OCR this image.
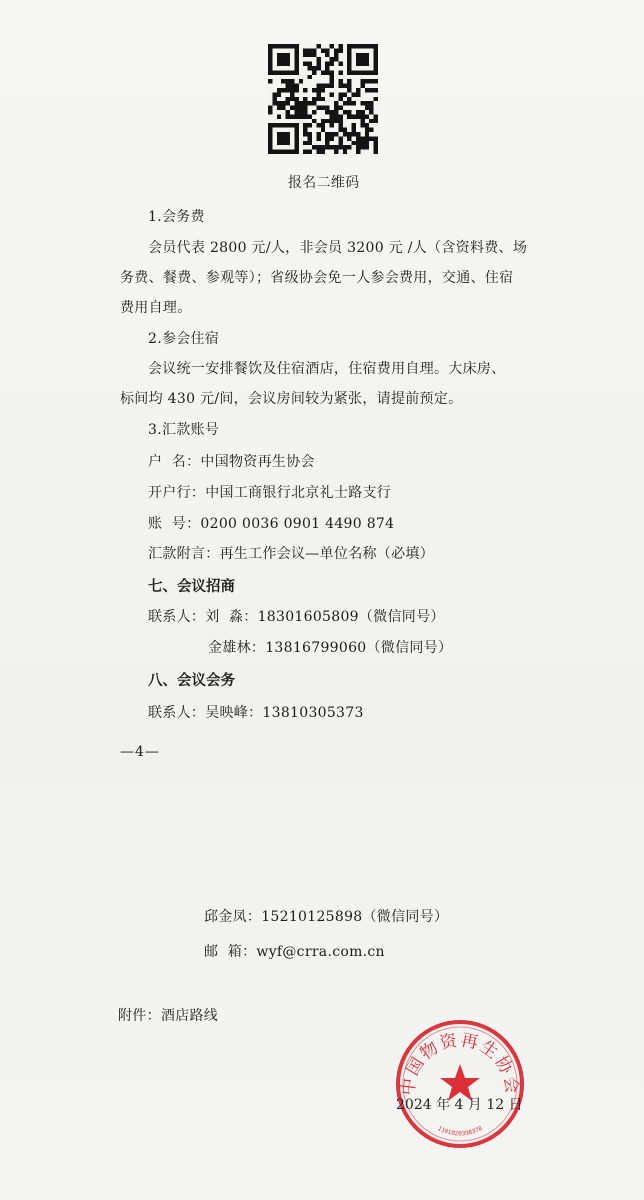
报名二维码
1.会务费
会员代表 2800 元/人，非会员 3200 元 /人（含资料费、场
务费、餐费、参观等）；省级协会免一人参会费用，交通、住宿
费用自理。
2.参会住宿
会议统一安排餐饮及住宿酒店，住宿费用自理。大床房、
标间均 430 元/间，会议房间较为紧张，请提前预定。
3.汇款账号
户  名：中国物资再生协会
开户行：中国工商银行北京礼士路支行
账  号：0200 0036 0901 4490 874
汇款附言：再生工作会议—单位名称（必填）
七、会议招商
联系人：刘  淼：18301605809（微信同号）
金雄林：13816799060（微信同号）
八、会议会务
联系人：吴映峰：13810305373
—4—
邱金凤：15210125898（微信同号）
邮  箱：wyf@crra.com.cn
附件：酒店路线
中国物资再生协会
1101020398378
2024 年 4 月 12 日
